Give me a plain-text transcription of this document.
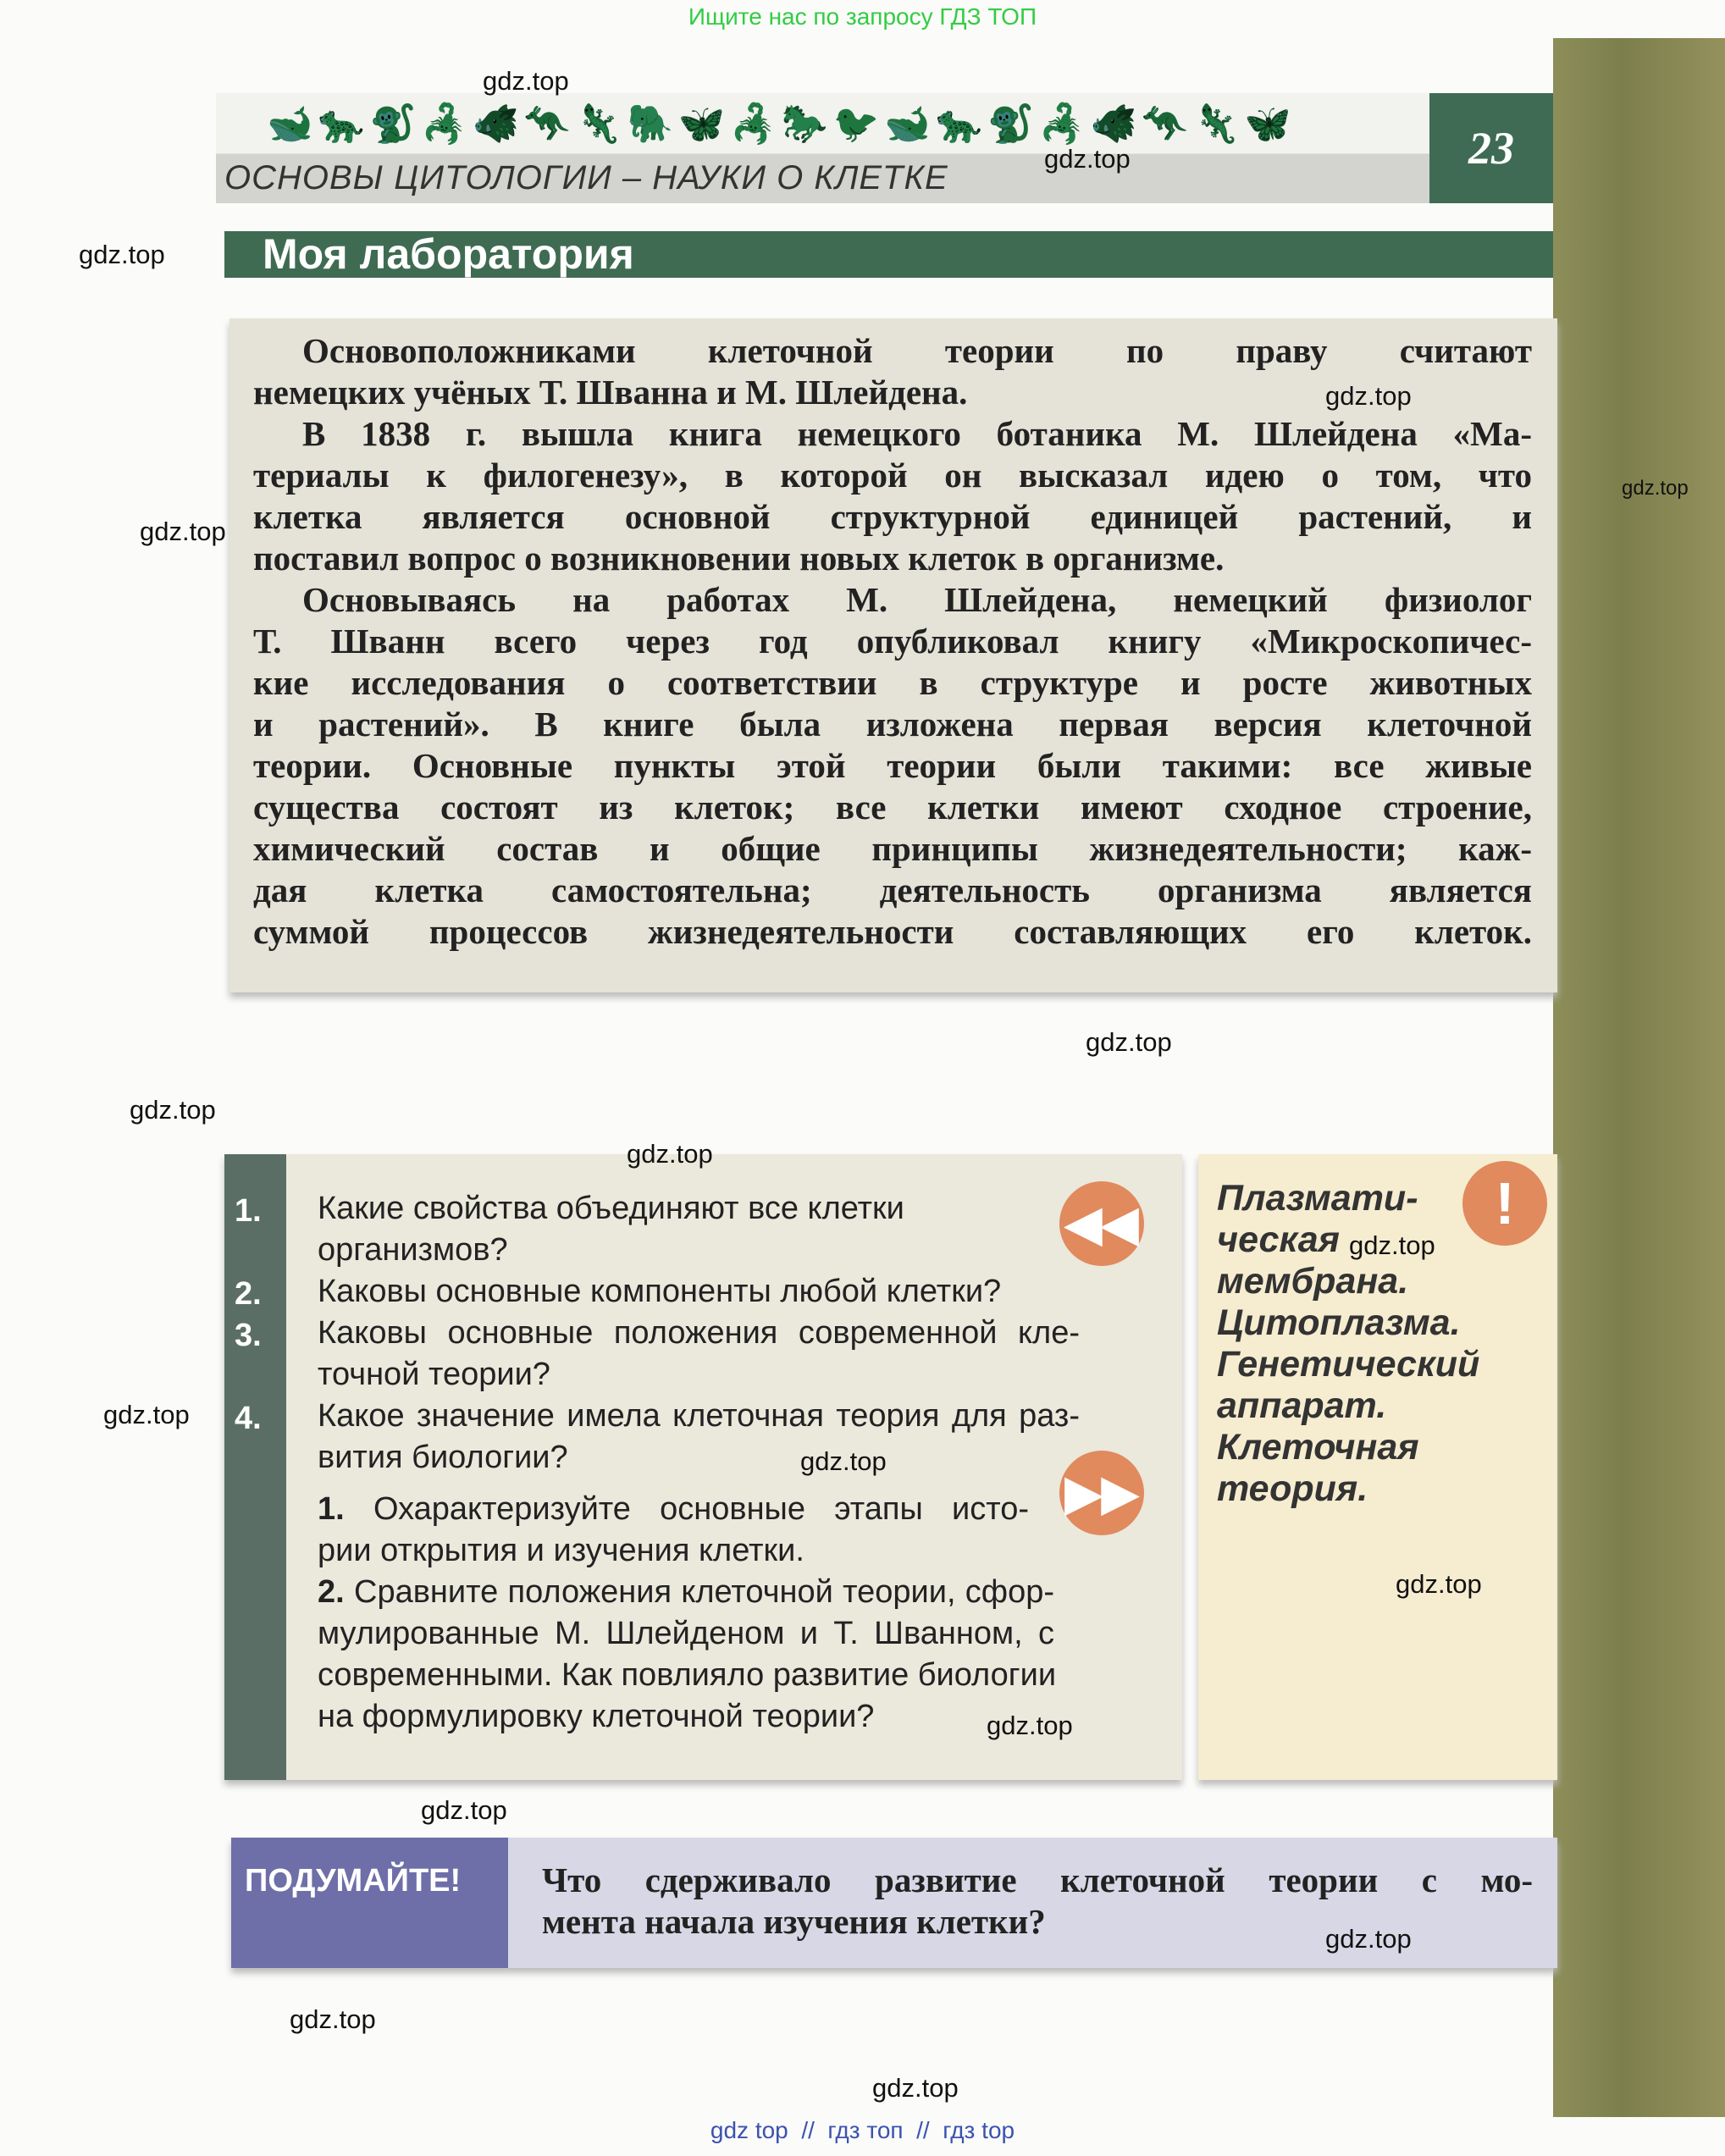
Ищите нас по запросу ГДЗ ТОП
🐋🐆🐒🦂🐗🦘🦎🐘🦋🦂🐎🐦🐋🐆🐒🦂🐗🦘🦎🦋
ОСНОВЫ ЦИТОЛОГИИ – НАУКИ О КЛЕТКЕ
23
Моя лаборатория
Основоположниками клеточной теории по праву считают
немецких учёных Т. Шванна и М. Шлейдена.
В 1838 г. вышла книга немецкого ботаника М. Шлейдена «Ма-
териалы к филогенезу», в которой он высказал идею о том, что
клетка является основной структурной единицей растений, и
поставил вопрос о возникновении новых клеток в организме.
Основываясь на работах М. Шлейдена, немецкий физиолог
Т. Шванн всего через год опубликовал книгу «Микроскопичес-
кие исследования о соответствии в структуре и росте животных
и растений». В книге была изложена первая версия клеточной
теории. Основные пункты этой теории были такими: все живые
существа состоят из клеток; все клетки имеют сходное строение,
химический состав и общие принципы жизнедеятельности; каж-
дая клетка самостоятельна; деятельность организма является
суммой процессов жизнедеятельности составляющих его клеток.
1.
2.
3.
4.
Какие свойства объединяют все клетки
организмов?
Каковы основные компоненты любой клетки?
Каковы основные положения современной кле-
точной теории?
Какое значение имела клеточная теория для раз-
вития биологии?
1. Охарактеризуйте основные этапы исто-
рии открытия и изучения клетки.
2. Сравните положения клеточной теории, сфор-
мулированные М. Шлейденом и Т. Шванном, с
современными. Как повлияло развитие биологии
на формулировку клеточной теории?
◀◀
▶▶
Плазмати-
ческая
мембрана.
Цитоплазма.
Генетический
аппарат.
Клеточная
теория.
!
ПОДУМАЙТЕ!	Что сдерживало развитие клеточной теории с мо-
мента начала изучения клетки?
gdz.top
gdz.top
gdz.top
gdz.top
gdz.top
gdz.top
gdz.top
gdz.top
gdz.top
gdz.top
gdz.top
gdz.top
gdz.top
gdz.top
gdz.top
gdz.top
gdz.top
gdz.top
gdz top  //  гдз топ  //  гдз top
